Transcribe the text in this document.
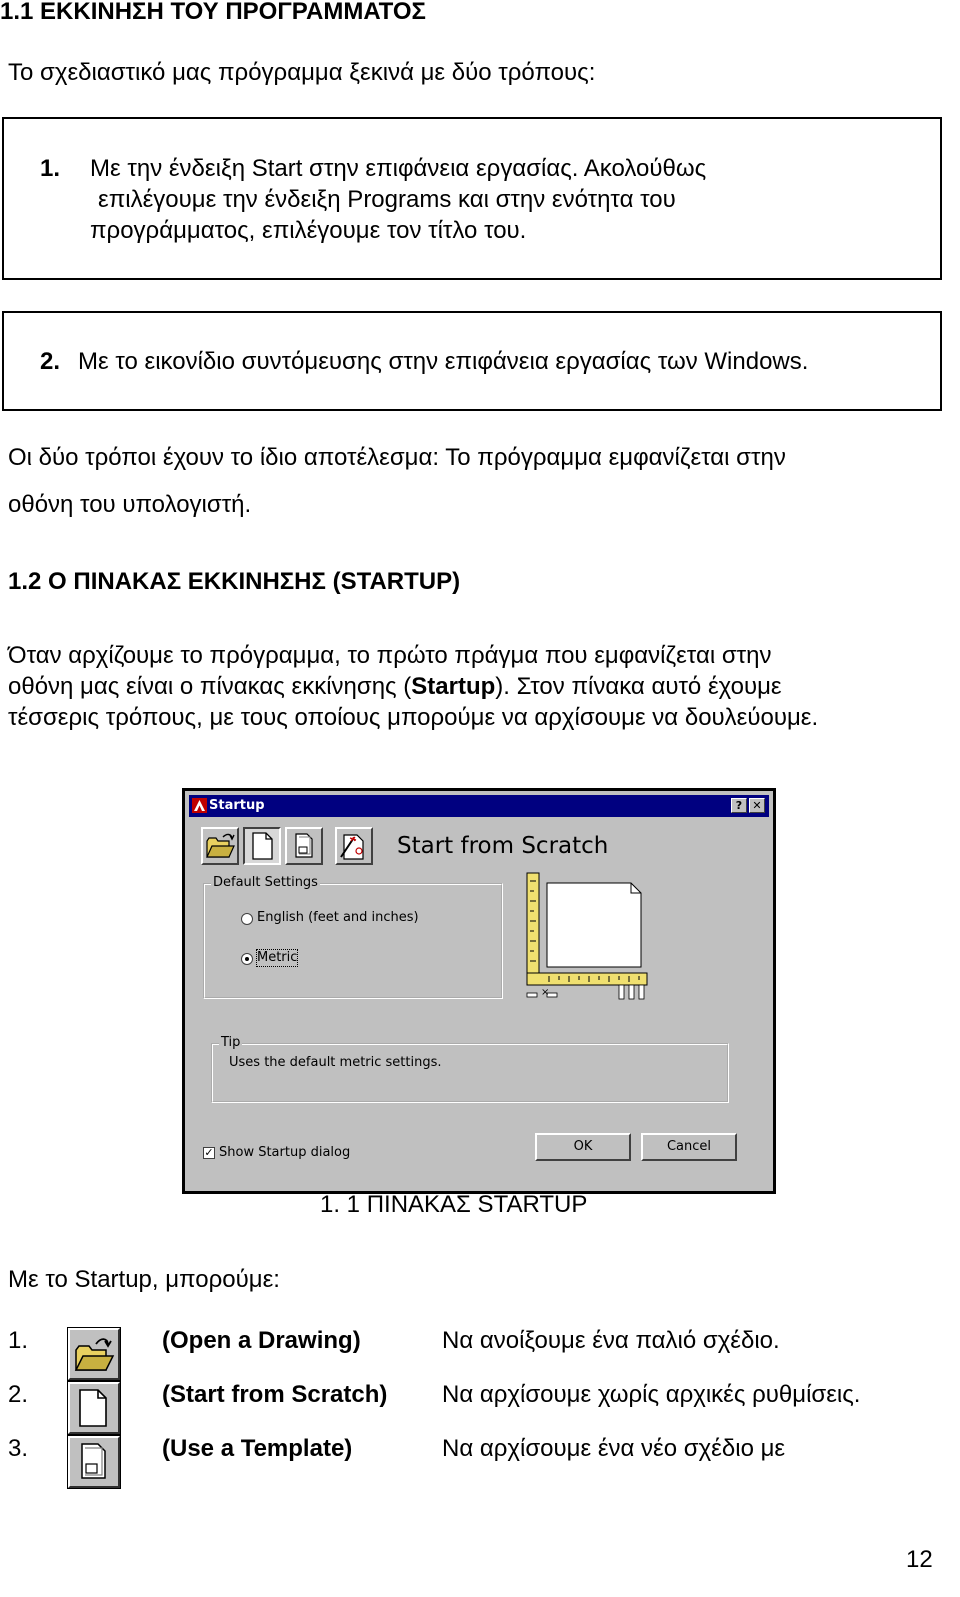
1.1 ΕΚΚΙΝΗΣΗ ΤΟΥ ΠΡΟΓΡΑΜΜΑΤΟΣ
Το σχεδιαστικό μας πρόγραμμα ξεκινά με δύο τρόπους:
1. Με την ένδειξη Start στην επιφάνεια εργασίας. Ακολούθως
επιλέγουμε την ένδειξη Programs και στην ενότητα του
προγράμματος, επιλέγουμε τον τίτλο του.
2. Με το εικονίδιο συντόμευσης στην επιφάνεια εργασίας των Windows.
Οι δύο τρόποι έχουν το ίδιο αποτέλεσμα: Το πρόγραμμα εμφανίζεται στην
οθόνη του υπολογιστή.
1.2 Ο ΠΙΝΑΚΑΣ ΕΚΚΙΝΗΣΗΣ (STARTUP)
Όταν αρχίζουμε το πρόγραμμα, το πρώτο πράγμα που εμφανίζεται στην
οθόνη μας είναι ο πίνακας εκκίνησης (Startup). Στον πίνακα αυτό έχουμε
τέσσερις τρόπους, με τους οποίους μπορούμε να αρχίσουμε να δουλεύουμε.
Startup	? ✕
Start from Scratch
Default Settings
English (feet and inches)
Metric
×
Tip
Uses the default metric settings.
✓ Show Startup dialog	OK	Cancel
1. 1 ΠΙΝΑΚΑΣ STARTUP
Με το Startup, μπορούμε:
1.	(Open a Drawing)	Να ανοίξουμε ένα παλιό σχέδιο.
2.	(Start from Scratch) Να αρχίσουμε χωρίς αρχικές ρυθμίσεις.
3.	(Use a Template)	Να αρχίσουμε ένα νέο σχέδιο με
12
